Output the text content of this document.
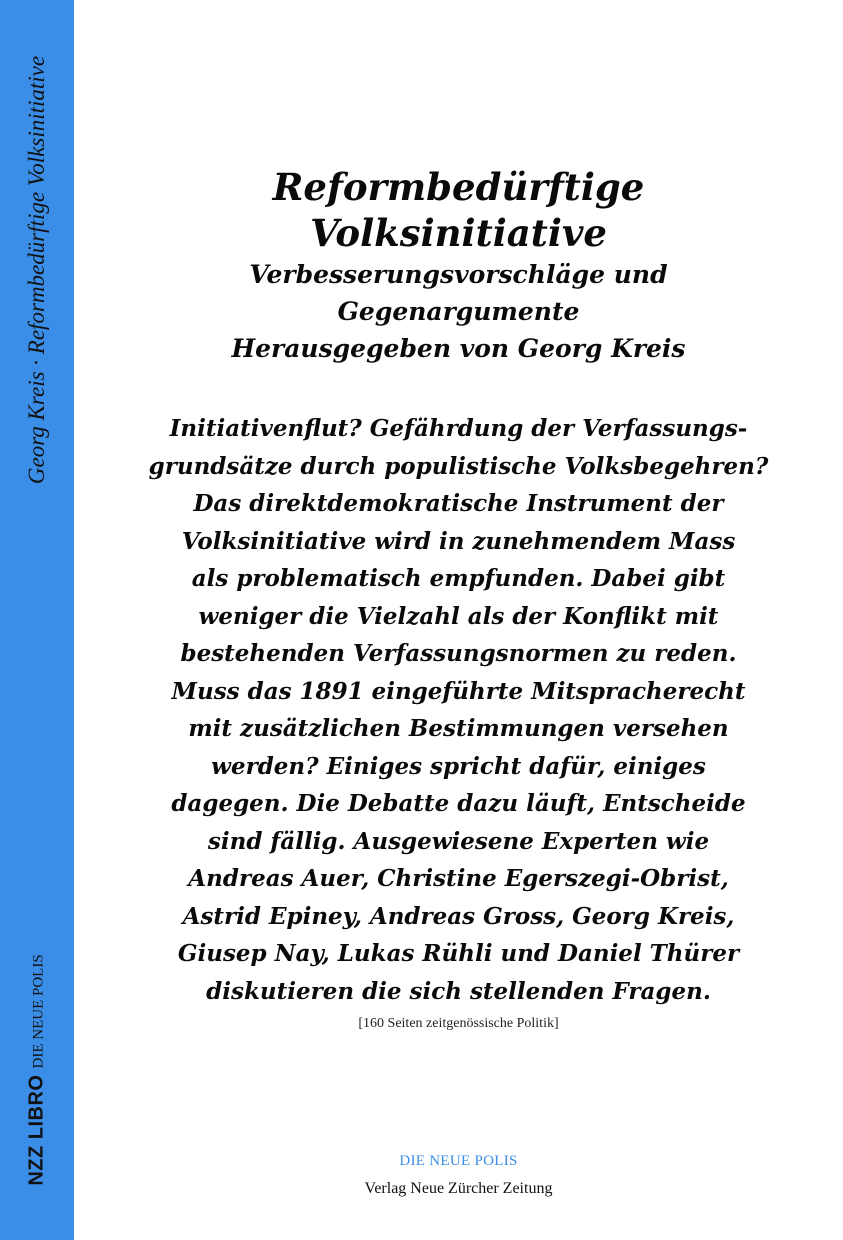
Georg Kreis · Reformbedürftige Volksinitiative
NZZ LIBRODIE NEUE POLIS

Reformbedürftige

Volksinitiative

Verbesserungsvorschläge und

Gegenargumente

Herausgegeben von Georg Kreis

Initiativenflut? Gefährdung der Verfassungs-
grundsätze durch populistische Volksbegehren?
Das direktdemokratische Instrument der
Volksinitiative wird in zunehmendem Mass
als problematisch empfunden. Dabei gibt
weniger die Vielzahl als der Konflikt mit
bestehenden Verfassungsnormen zu reden.
Muss das 1891 eingeführte Mitspracherecht
mit zusätzlichen Bestimmungen versehen
werden? Einiges spricht dafür, einiges
dagegen. Die Debatte dazu läuft, Entscheide
sind fällig. Ausgewiesene Experten wie
Andreas Auer, Christine Egerszegi-Obrist,
Astrid Epiney, Andreas Gross, Georg Kreis,
Giusep Nay, Lukas Rühli und Daniel Thürer
diskutieren die sich stellenden Fragen.
[160 Seiten zeitgenössische Politik]
DIE NEUE POLIS
Verlag Neue Zürcher Zeitung
